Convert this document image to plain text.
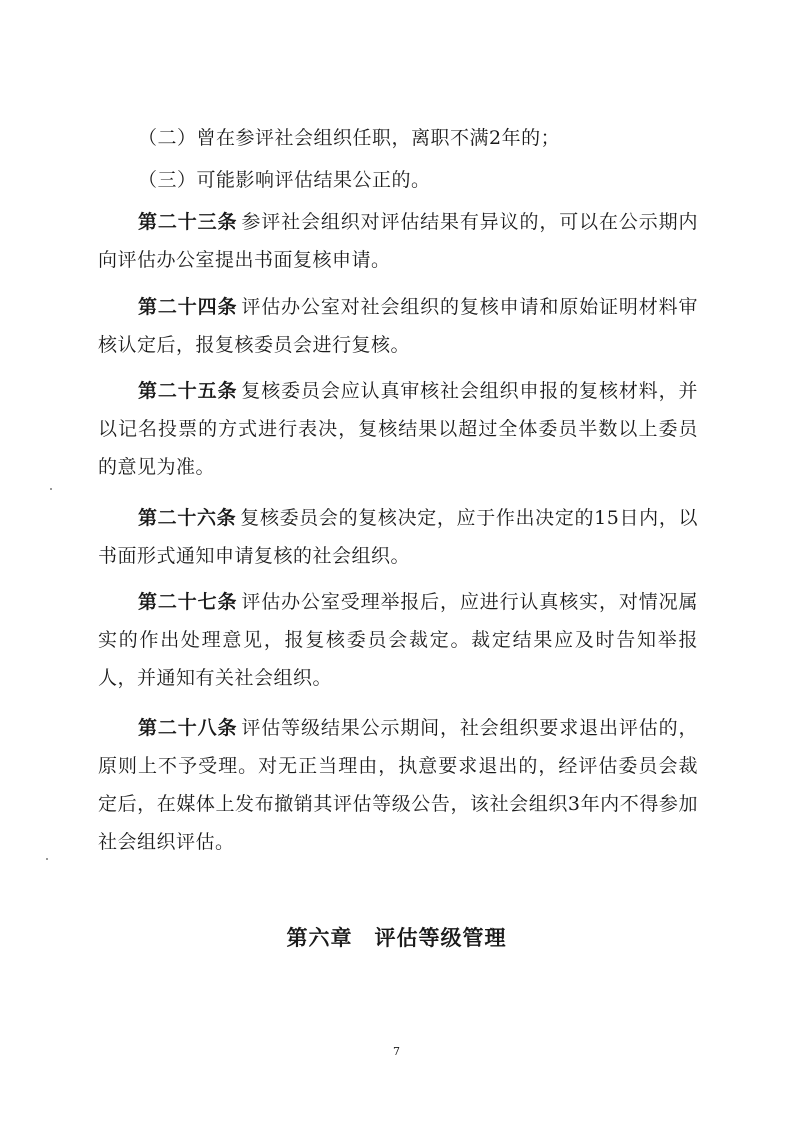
（二）曾在参评社会组织任职，离职不满2年的；

（三）可能影响评估结果公正的。

第二十三条 参评社会组织对评估结果有异议的，可以在公示期内向评估办公室提出书面复核申请。

第二十四条 评估办公室对社会组织的复核申请和原始证明材料审核认定后，报复核委员会进行复核。

第二十五条 复核委员会应认真审核社会组织申报的复核材料，并以记名投票的方式进行表决，复核结果以超过全体委员半数以上委员的意见为准。

第二十六条 复核委员会的复核决定，应于作出决定的15日内，以书面形式通知申请复核的社会组织。

第二十七条 评估办公室受理举报后，应进行认真核实，对情况属实的作出处理意见，报复核委员会裁定。裁定结果应及时告知举报人，并通知有关社会组织。

第二十八条 评估等级结果公示期间，社会组织要求退出评估的，原则上不予受理。对无正当理由，执意要求退出的，经评估委员会裁定后，在媒体上发布撤销其评估等级公告，该社会组织3年内不得参加社会组织评估。

第六章 评估等级管理
7
